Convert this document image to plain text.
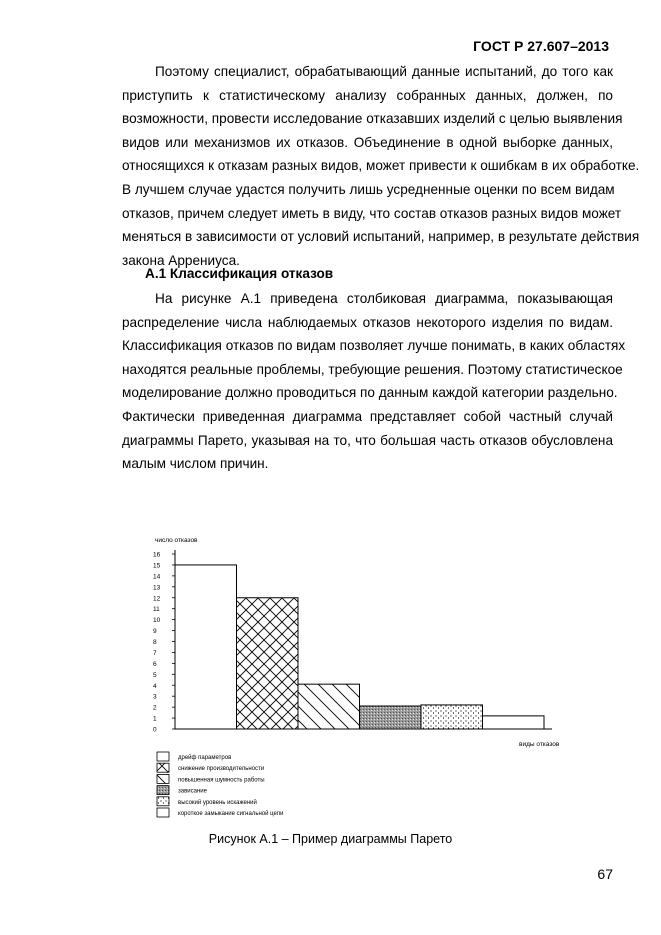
ГОСТ Р 27.607–2013
Поэтому специалист, обрабатывающий данные испытаний, до того как
приступить к статистическому анализу собранных данных, должен, по
возможности, провести исследование отказавших изделий с целью выявления
видов или механизмов их отказов. Объединение в одной выборке данных,
относящихся к отказам разных видов, может привести к ошибкам в их обработке.
В лучшем случае удастся получить лишь усредненные оценки по всем видам
отказов, причем следует иметь в виду, что состав отказов разных видов может
меняться в зависимости от условий испытаний, например, в результате действия
закона Аррениуса.
А.1 Классификация отказов
На рисунке А.1 приведена столбиковая диаграмма, показывающая
распределение числа наблюдаемых отказов некоторого изделия по видам.
Классификация отказов по видам позволяет лучше понимать, в каких областях
находятся реальные проблемы, требующие решения. Поэтому статистическое
моделирование должно проводиться по данным каждой категории раздельно.
Фактически приведенная диаграмма представляет собой частный случай
диаграммы Парето, указывая на то, что большая часть отказов обусловлена
малым числом причин.
число отказов
0
1
2
3
4
5
6
7
8
9
10
11
12
13
14
15
16
виды отказов
дрейф параметров
снижение производительности
повышенная шумность работы
зависание
высокий уровень искажений
короткое замыкание сигнальной цепи
Рисунок А.1 – Пример диаграммы Парето
67
